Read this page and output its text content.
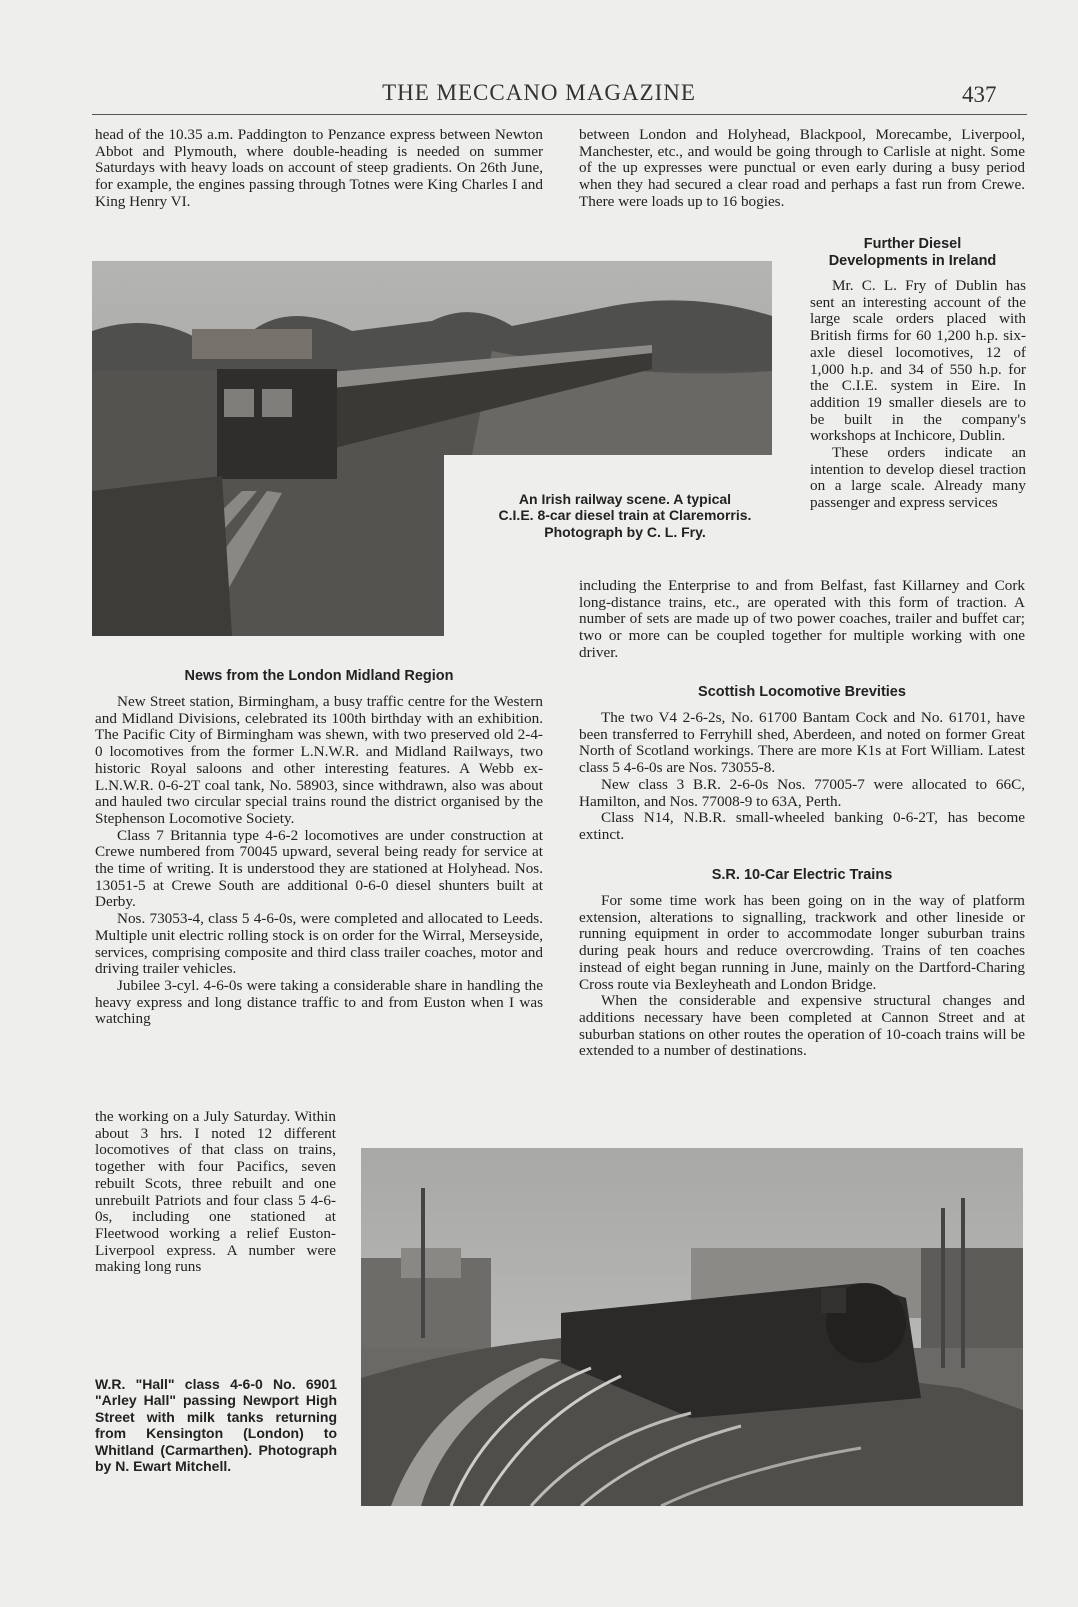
THE MECCANO MAGAZINE	437

head of the 10.35 a.m. Paddington to Penzance express between Newton Abbot and Plymouth, where double-heading is needed on summer Saturdays with heavy loads on account of steep gradients. On 26th June, for example, the engines passing through Totnes were King Charles I and King Henry VI.

between London and Holyhead, Blackpool, Morecambe, Liverpool, Manchester, etc., and would be going through to Carlisle at night. Some of the up expresses were punctual or even early during a busy period when they had secured a clear road and perhaps a fast run from Crewe. There were loads up to 16 bogies.

An Irish railway scene. A typical
C.I.E. 8-car diesel train at Claremorris.
Photograph by C. L. Fry.
Further Diesel
Developments in Ireland

Mr. C. L. Fry of Dublin has sent an interesting account of the large scale orders placed with British firms for 60 1,200 h.p. six-axle diesel locomotives, 12 of 1,000 h.p. and 34 of 550 h.p. for the C.I.E. system in Eire. In addition 19 smaller diesels are to be built in the company's workshops at Inchicore, Dublin.

These orders indicate an intention to develop diesel traction on a large scale. Already many passenger and express services

including the Enterprise to and from Belfast, fast Killarney and Cork long-distance trains, etc., are operated with this form of traction. A number of sets are made up of two power coaches, trailer and buffet car; two or more can be coupled together for multiple working with one driver.

News from the London Midland Region

New Street station, Birmingham, a busy traffic centre for the Western and Midland Divisions, celebrated its 100th birthday with an exhibition. The Pacific City of Birmingham was shewn, with two preserved old 2-4-0 locomotives from the former L.N.W.R. and Midland Railways, two historic Royal saloons and other interesting features. A Webb ex-L.N.W.R. 0-6-2T coal tank, No. 58903, since withdrawn, also was about and hauled two circular special trains round the district organised by the Stephenson Locomotive Society.

Class 7 Britannia type 4-6-2 locomotives are under construction at Crewe numbered from 70045 upward, several being ready for service at the time of writing. It is understood they are stationed at Holyhead. Nos. 13051-5 at Crewe South are additional 0-6-0 diesel shunters built at Derby.

Nos. 73053-4, class 5 4-6-0s, were completed and allocated to Leeds. Multiple unit electric rolling stock is on order for the Wirral, Merseyside, services, comprising composite and third class trailer coaches, motor and driving trailer vehicles.

Jubilee 3-cyl. 4-6-0s were taking a considerable share in handling the heavy express and long distance traffic to and from Euston when I was watching

the working on a July Saturday. Within about 3 hrs. I noted 12 different locomotives of that class on trains, together with four Pacifics, seven rebuilt Scots, three rebuilt and one unrebuilt Patriots and four class 5 4-6-0s, including one stationed at Fleetwood working a relief Euston-Liverpool express. A number were making long runs

Scottish Locomotive Brevities

The two V4 2-6-2s, No. 61700 Bantam Cock and No. 61701, have been transferred to Ferryhill shed, Aberdeen, and noted on former Great North of Scotland workings. There are more K1s at Fort William. Latest class 5 4-6-0s are Nos. 73055-8.

New class 3 B.R. 2-6-0s Nos. 77005-7 were allocated to 66C, Hamilton, and Nos. 77008-9 to 63A, Perth.

Class N14, N.B.R. small-wheeled banking 0-6-2T, has become extinct.

S.R. 10-Car Electric Trains

For some time work has been going on in the way of platform extension, alterations to signalling, trackwork and other lineside or running equipment in order to accommodate longer suburban trains during peak hours and reduce overcrowding. Trains of ten coaches instead of eight began running in June, mainly on the Dartford-Charing Cross route via Bexleyheath and London Bridge.

When the considerable and expensive structural changes and additions necessary have been completed at Cannon Street and at suburban stations on other routes the operation of 10-coach trains will be extended to a number of destinations.

W.R. "Hall" class 4-6-0 No. 6901 "Arley Hall" passing Newport High Street with milk tanks returning from Kensington (London) to Whitland (Carmarthen). Photograph by N. Ewart Mitchell.
